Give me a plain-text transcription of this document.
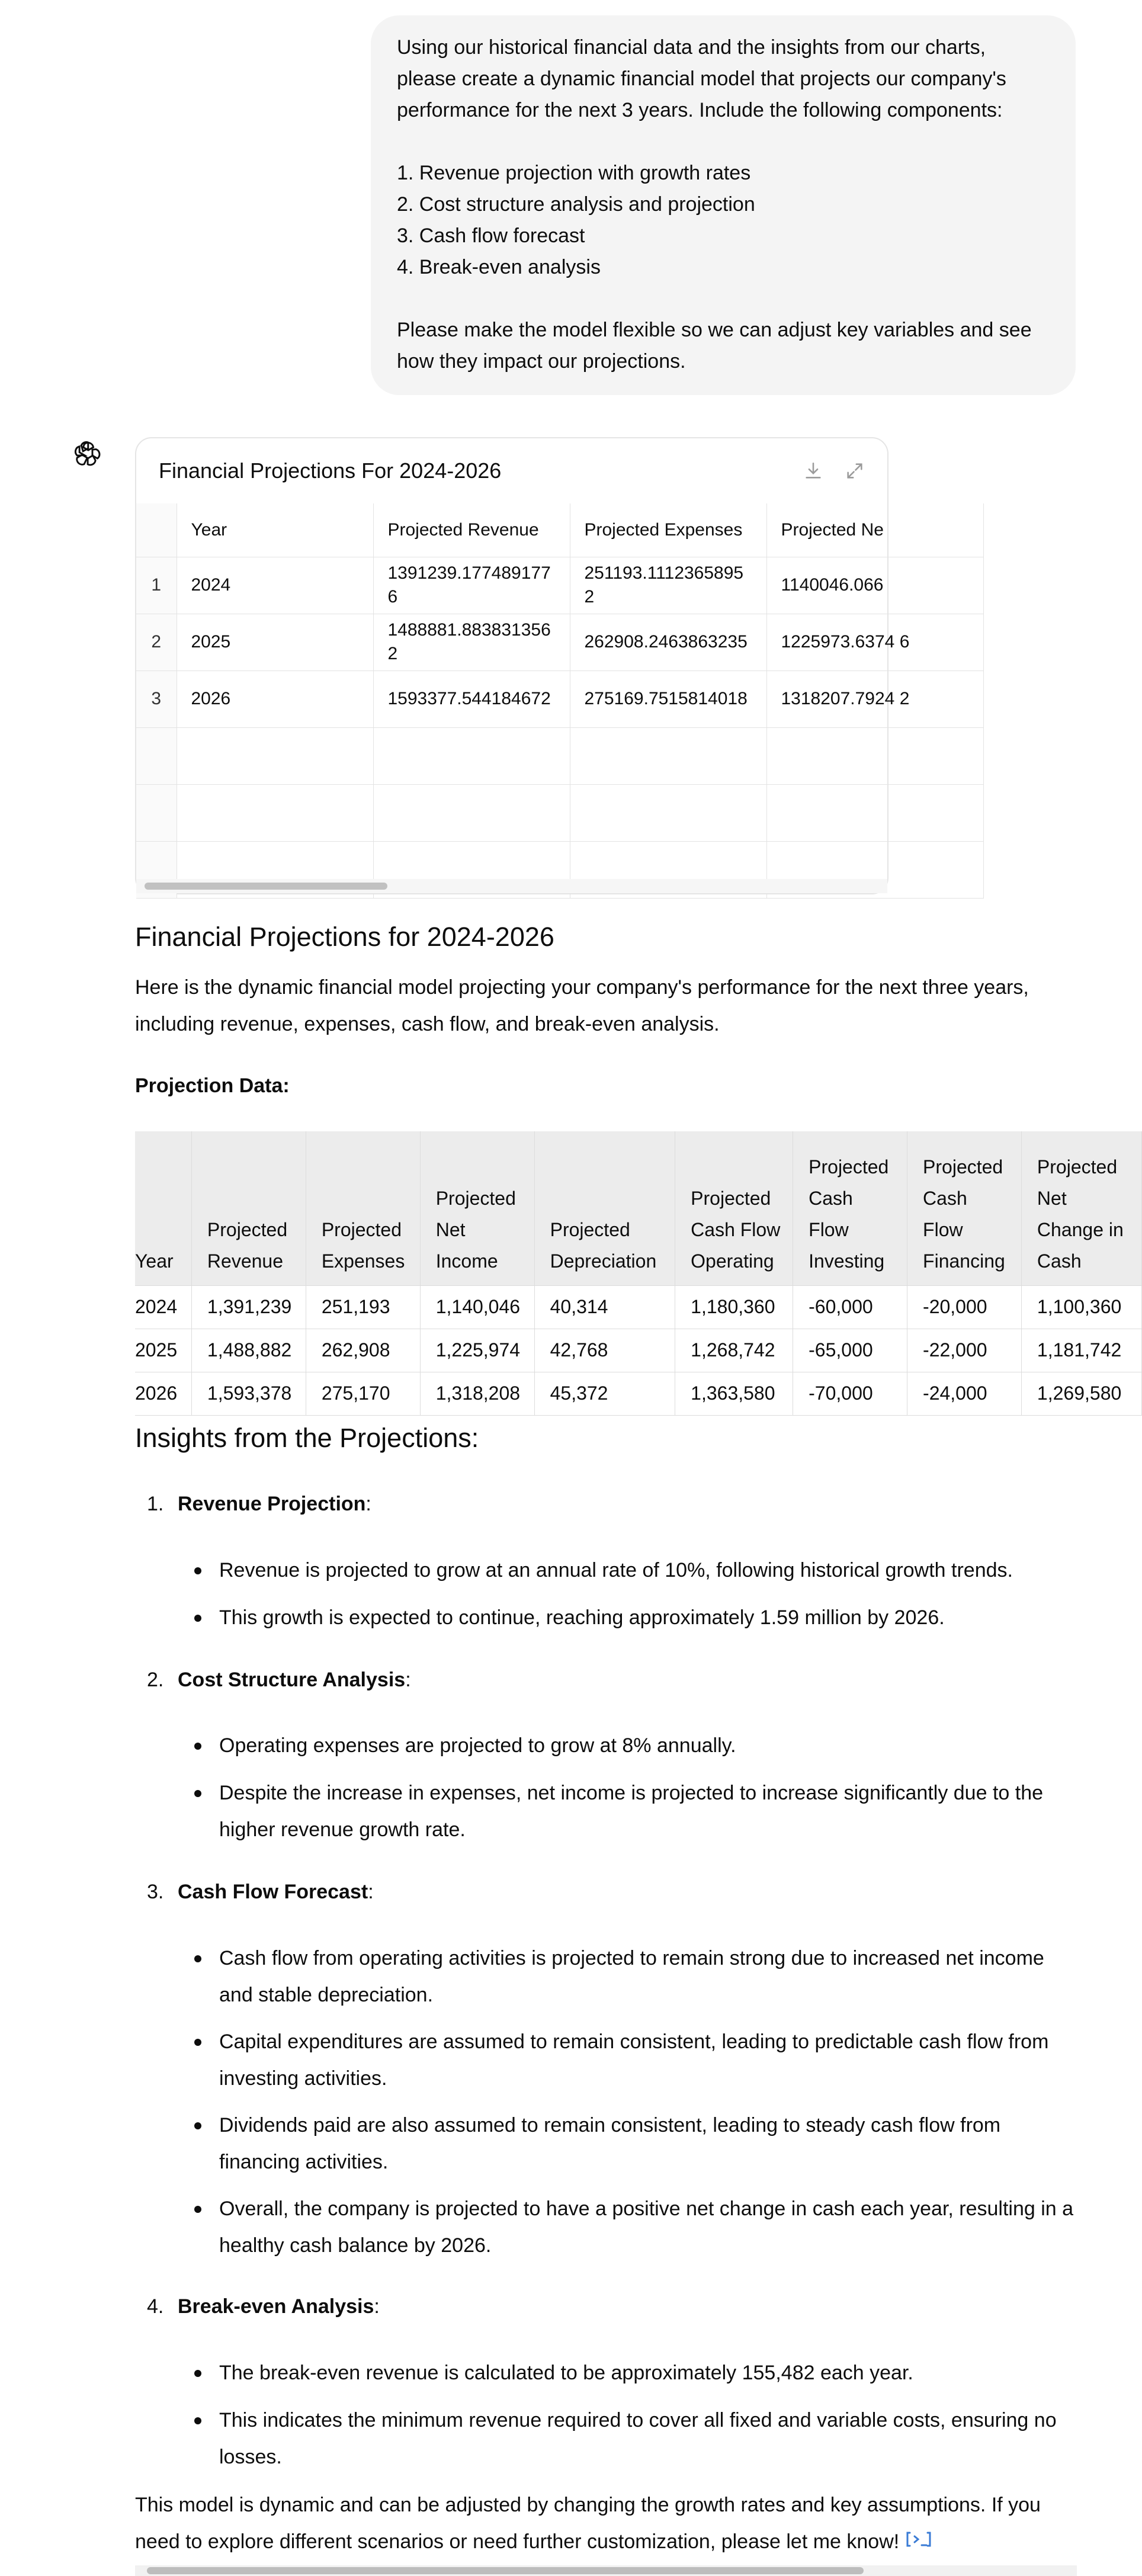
Using our historical financial data and the insights from our charts, please create a dynamic financial model that projects our company's performance for the next 3 years. Include the following components:

1. Revenue projection with growth rates
2. Cost structure analysis and projection
3. Cash flow forecast
4. Break-even analysis

Please make the model flexible so we can adjust key variables and see how they impact our projections.

Financial Projections For 2024-2026
	Year	Projected Revenue	Projected Expenses	Projected Ne
1	2024	1391239.1774891776	251193.11123658952	1140046.066
2	2025	1488881.8838313562	262908.2463863235	1225973.6374 6
3	2026	1593377.544184672	275169.7515814018	1318207.7924 2

Financial Projections for 2024-2026

Here is the dynamic financial model projecting your company's performance for the next three years, including revenue, expenses, cash flow, and break-even analysis.

Projection Data:

Year	Projected Revenue	Projected Expenses	Projected Net Income	Projected Depreciation	Projected Cash Flow Operating	Projected Cash Flow Investing	Projected Cash Flow Financing	Projected Net Change in Cash
2024	1,391,239	251,193	1,140,046	40,314	1,180,360	-60,000	-20,000	1,100,360
2025	1,488,882	262,908	1,225,974	42,768	1,268,742	-65,000	-22,000	1,181,742
2026	1,593,378	275,170	1,318,208	45,372	1,363,580	-70,000	-24,000	1,269,580
Insights from the Projections:

1. Revenue Projection:

Revenue is projected to grow at an annual rate of 10%, following historical growth trends.

This growth is expected to continue, reaching approximately 1.59 million by 2026.

2. Cost Structure Analysis:

Operating expenses are projected to grow at 8% annually.

Despite the increase in expenses, net income is projected to increase significantly due to the higher revenue growth rate.

3. Cash Flow Forecast:

Cash flow from operating activities is projected to remain strong due to increased net income and stable depreciation.

Capital expenditures are assumed to remain consistent, leading to predictable cash flow from investing activities.

Dividends paid are also assumed to remain consistent, leading to steady cash flow from financing activities.

Overall, the company is projected to have a positive net change in cash each year, resulting in a healthy cash balance by 2026.

4. Break-even Analysis:

The break-even revenue is calculated to be approximately 155,482 each year.

This indicates the minimum revenue required to cover all fixed and variable costs, ensuring no losses.

This model is dynamic and can be adjusted by changing the growth rates and key assumptions. If you need to explore different scenarios or need further customization, please let me know!
